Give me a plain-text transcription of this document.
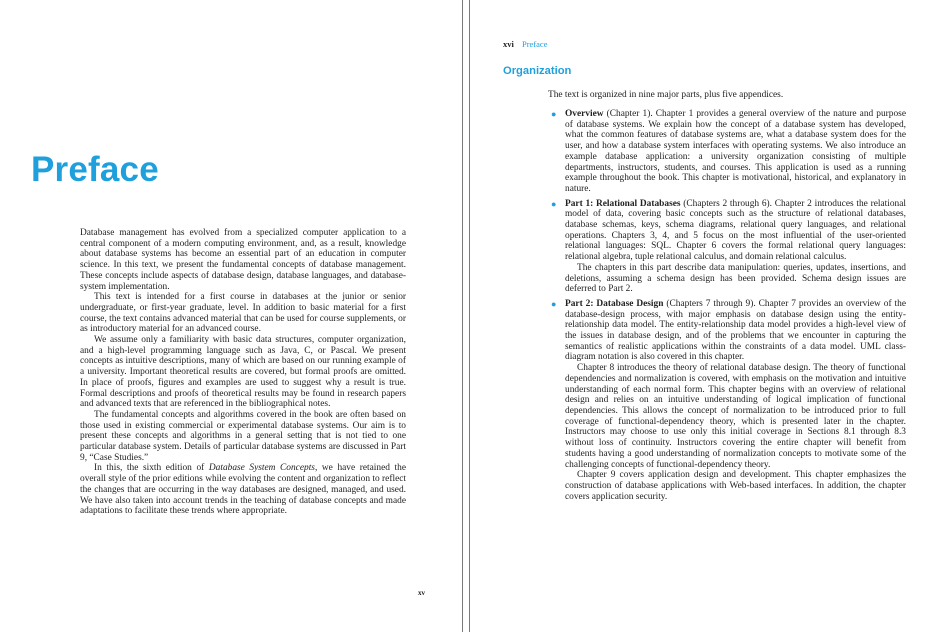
Preface

Database management has evolved from a specialized computer application to a central component of a modern computing environment, and, as a result, knowledge about database systems has become an essential part of an education in computer science. In this text, we present the fundamental concepts of database management. These concepts include aspects of database design, database languages, and database-system implementation.

This text is intended for a first course in databases at the junior or senior undergraduate, or first-year graduate, level. In addition to basic material for a first course, the text contains advanced material that can be used for course supplements, or as introductory material for an advanced course.

We assume only a familiarity with basic data structures, computer organization, and a high-level programming language such as Java, C, or Pascal. We present concepts as intuitive descriptions, many of which are based on our running example of a university. Important theoretical results are covered, but formal proofs are omitted. In place of proofs, figures and examples are used to suggest why a result is true. Formal descriptions and proofs of theoretical results may be found in research papers and advanced texts that are referenced in the bibliographical notes.

The fundamental concepts and algorithms covered in the book are often based on those used in existing commercial or experimental database systems. Our aim is to present these concepts and algorithms in a general setting that is not tied to one particular database system. Details of particular database systems are discussed in Part 9, “Case Studies.”

In this, the sixth edition of Database System Concepts, we have retained the overall style of the prior editions while evolving the content and organization to reflect the changes that are occurring in the way databases are designed, managed, and used. We have also taken into account trends in the teaching of database concepts and made adaptations to facilitate these trends where appropriate.

xv
xvi Preface
Organization

The text is organized in nine major parts, plus five appendices.

● Overview (Chapter 1). Chapter 1 provides a general overview of the nature and purpose of database systems. We explain how the concept of a database system has developed, what the common features of database systems are, what a database system does for the user, and how a database system interfaces with operating systems. We also introduce an example database application: a university organization consisting of multiple departments, instructors, students, and courses. This application is used as a running example throughout the book. This chapter is motivational, historical, and explanatory in nature.

● Part 1: Relational Databases (Chapters 2 through 6). Chapter 2 introduces the relational model of data, covering basic concepts such as the structure of relational databases, database schemas, keys, schema diagrams, relational query languages, and relational operations. Chapters 3, 4, and 5 focus on the most influential of the user-oriented relational languages: SQL. Chapter 6 covers the formal relational query languages: relational algebra, tuple relational calculus, and domain relational calculus.

The chapters in this part describe data manipulation: queries, updates, insertions, and deletions, assuming a schema design has been provided. Schema design issues are deferred to Part 2.

● Part 2: Database Design (Chapters 7 through 9). Chapter 7 provides an overview of the database-design process, with major emphasis on database design using the entity-relationship data model. The entity-relationship data model provides a high-level view of the issues in database design, and of the problems that we encounter in capturing the semantics of realistic applications within the constraints of a data model. UML class-diagram notation is also covered in this chapter.

Chapter 8 introduces the theory of relational database design. The theory of functional dependencies and normalization is covered, with emphasis on the motivation and intuitive understanding of each normal form. This chapter begins with an overview of relational design and relies on an intuitive understanding of logical implication of functional dependencies. This allows the concept of normalization to be introduced prior to full coverage of functional-dependency theory, which is presented later in the chapter. Instructors may choose to use only this initial coverage in Sections 8.1 through 8.3 without loss of continuity. Instructors covering the entire chapter will benefit from students having a good understanding of normalization concepts to motivate some of the challenging concepts of functional-dependency theory.

Chapter 9 covers application design and development. This chapter emphasizes the construction of database applications with Web-based interfaces. In addition, the chapter covers application security.
